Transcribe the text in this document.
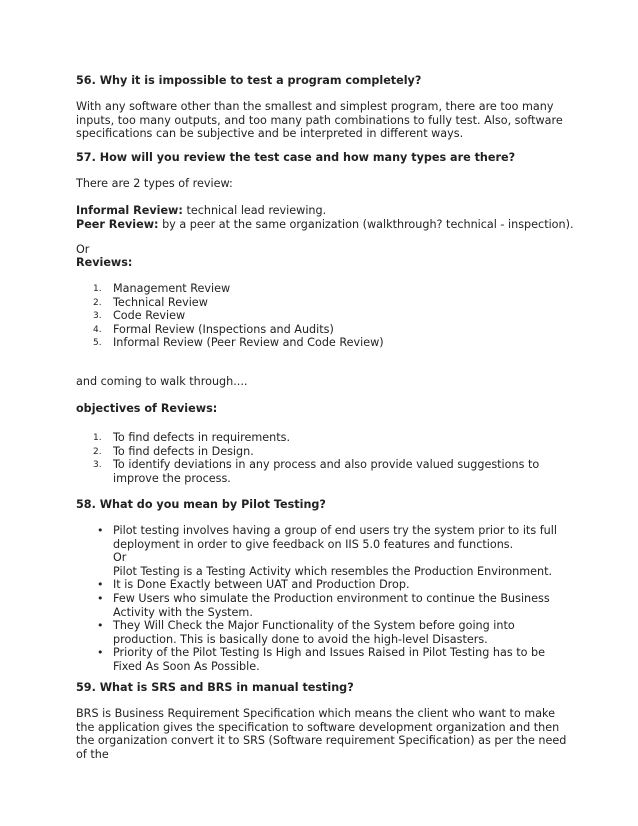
56. Why it is impossible to test a program completely?

With any software other than the smallest and simplest program, there are too many inputs, too many outputs, and too many path combinations to fully test. Also, software specifications can be subjective and be interpreted in different ways.

57. How will you review the test case and how many types are there?

There are 2 types of review:

Informal Review: technical lead reviewing.

Peer Review: by a peer at the same organization (walkthrough? technical - inspection).

Or

Reviews:

1. Management Review
2. Technical Review
3. Code Review
4. Formal Review (Inspections and Audits)
5. Informal Review (Peer Review and Code Review)

and coming to walk through....

objectives of Reviews:

1. To find defects in requirements.
2. To find defects in Design.
3. To identify deviations in any process and also provide valued suggestions to improve the process.
58. What do you mean by Pilot Testing?
• Pilot testing involves having a group of end users try the system prior to its full deployment in order to give feedback on IIS 5.0 features and functions.
Or
Pilot Testing is a Testing Activity which resembles the Production Environment.
• It is Done Exactly between UAT and Production Drop.
• Few Users who simulate the Production environment to continue the Business Activity with the System.
• They Will Check the Major Functionality of the System before going into production. This is basically done to avoid the high-level Disasters.
• Priority of the Pilot Testing Is High and Issues Raised in Pilot Testing has to be Fixed As Soon As Possible.
59. What is SRS and BRS in manual testing?

BRS is Business Requirement Specification which means the client who want to make the application gives the specification to software development organization and then the organization convert it to SRS (Software requirement Specification) as per the need of the
